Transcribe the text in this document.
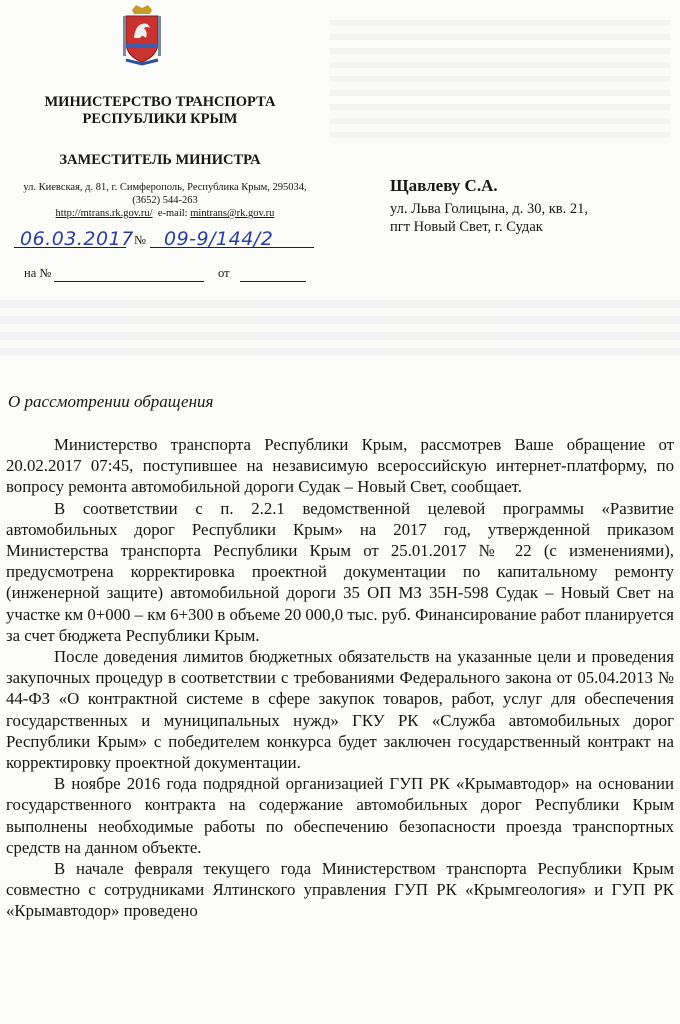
МИНИСТЕРСТВО ТРАНСПОРТА
РЕСПУБЛИКИ КРЫМ
ЗАМЕСТИТЕЛЬ МИНИСТРА
ул. Киевская, д. 81, г. Симферополь, Республика Крым, 295034,
(3652) 544-263
http://mtrans.rk.gov.ru/ e-mail: mintrans@rk.gov.ru
06.03.2017 № 09-9/144/2
на №	от
Щавлеву С.А.
ул. Льва Голицына, д. 30, кв. 21,
пгт Новый Свет, г. Судак
О рассмотрении обращения

Министерство транспорта Республики Крым, рассмотрев Ваше обращение от 20.02.2017 07:45, поступившее на независимую всероссийскую интернет-платформу, по вопросу ремонта автомобильной дороги Судак – Новый Свет, сообщает.

В соответствии с п. 2.2.1 ведомственной целевой программы «Развитие автомобильных дорог Республики Крым» на 2017 год, утвержденной приказом Министерства транспорта Республики Крым от 25.01.2017 № 22 (с изменениями), предусмотрена корректировка проектной документации по капитальному ремонту (инженерной защите) автомобильной дороги 35 ОП МЗ 35Н-598 Судак – Новый Свет на участке км 0+000 – км 6+300 в объеме 20 000,0 тыс. руб. Финансирование работ планируется за счет бюджета Республики Крым.

После доведения лимитов бюджетных обязательств на указанные цели и проведения закупочных процедур в соответствии с требованиями Федерального закона от 05.04.2013 № 44-ФЗ «О контрактной системе в сфере закупок товаров, работ, услуг для обеспечения государственных и муниципальных нужд» ГКУ РК «Служба автомобильных дорог Республики Крым» с победителем конкурса будет заключен государственный контракт на корректировку проектной документации.

В ноябре 2016 года подрядной организацией ГУП РК «Крымавтодор» на основании государственного контракта на содержание автомобильных дорог Республики Крым выполнены необходимые работы по обеспечению безопасности проезда транспортных средств на данном объекте.

В начале февраля текущего года Министерством транспорта Республики Крым совместно с сотрудниками Ялтинского управления ГУП РК «Крымгеология» и ГУП РК «Крымавтодор» проведено
